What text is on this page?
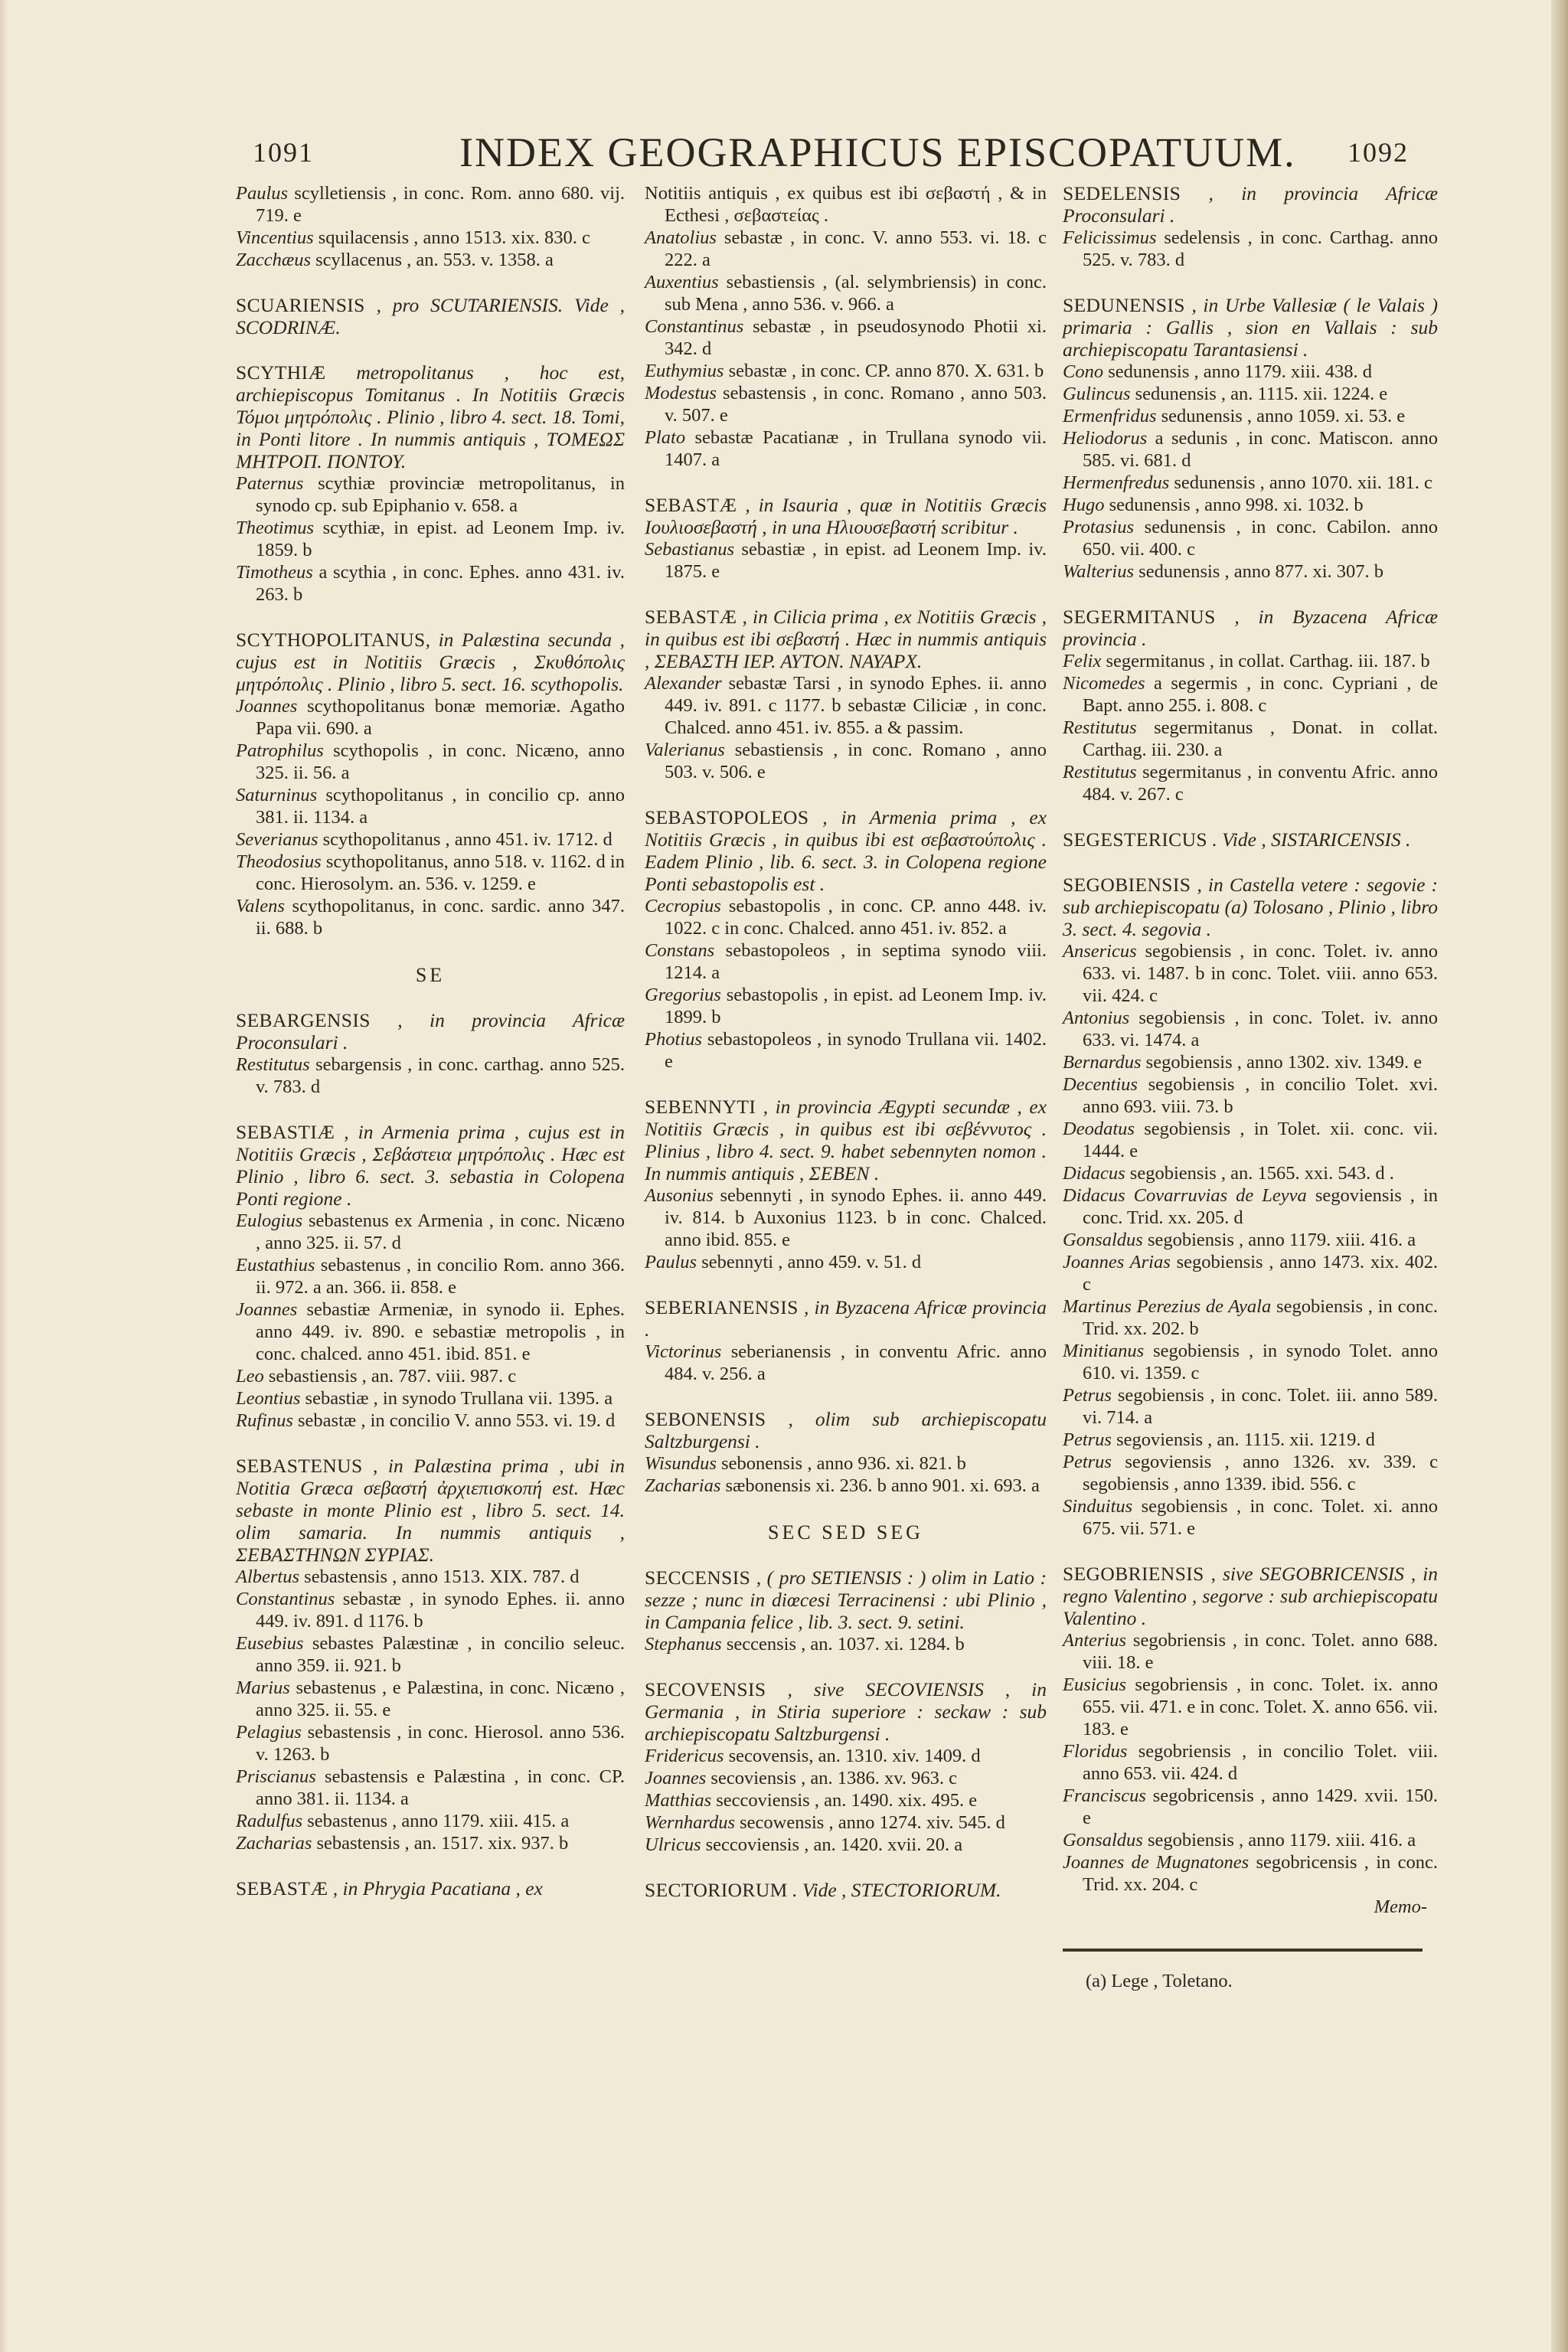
1091	INDEX GEOGRAPHICUS EPISCOPATUUM. 1092

Paulus scylletiensis , in conc. Rom. anno 680. vij. 719. e

Vincentius squilacensis , anno 1513. xix. 830. c

Zacchæus scyllacenus , an. 553. v. 1358. a

SCUARIENSIS , pro SCUTARIENSIS. Vide , SCODRINÆ.

SCYTHIÆ metropolitanus , hoc est, archiepiscopus Tomitanus . In Notitiis Græcis Τόμοι μητρόπολις . Plinio , libro 4. sect. 18. Tomi, in Ponti litore . In nummis antiquis , ΤΟΜΕΩΣ ΜΗΤΡΟΠ. ΠΟΝΤΟΥ.

Paternus scythiæ provinciæ metropolitanus, in synodo cp. sub Epiphanio v. 658. a

Theotimus scythiæ, in epist. ad Leonem Imp. iv. 1859. b

Timotheus a scythia , in conc. Ephes. anno 431. iv. 263. b

SCYTHOPOLITANUS, in Palæstina secunda , cujus est in Notitiis Græcis , Σκυθόπολις μητρόπολις . Plinio , libro 5. sect. 16. scythopolis.

Joannes scythopolitanus bonæ memoriæ. Agatho Papa vii. 690. a

Patrophilus scythopolis , in conc. Nicæno, anno 325. ii. 56. a

Saturninus scythopolitanus , in concilio cp. anno 381. ii. 1134. a

Severianus scythopolitanus , anno 451. iv. 1712. d

Theodosius scythopolitanus, anno 518. v. 1162. d in conc. Hierosolym. an. 536. v. 1259. e

Valens scythopolitanus, in conc. sardic. anno 347. ii. 688. b

SE

SEBARGENSIS , in provincia Africæ Proconsulari .

Restitutus sebargensis , in conc. carthag. anno 525. v. 783. d

SEBASTIÆ , in Armenia prima , cujus est in Notitiis Græcis , Σεβάστεια μητρόπολις . Hæc est Plinio , libro 6. sect. 3. sebastia in Colopena Ponti regione .

Eulogius sebastenus ex Armenia , in conc. Nicæno , anno 325. ii. 57. d

Eustathius sebastenus , in concilio Rom. anno 366. ii. 972. a an. 366. ii. 858. e

Joannes sebastiæ Armeniæ, in synodo ii. Ephes. anno 449. iv. 890. e sebastiæ metropolis , in conc. chalced. anno 451. ibid. 851. e

Leo sebastiensis , an. 787. viii. 987. c

Leontius sebastiæ , in synodo Trullana vii. 1395. a

Rufinus sebastæ , in concilio V. anno 553. vi. 19. d

SEBASTENUS , in Palæstina prima , ubi in Notitia Græca σεβαστή ἀρχιεπισκοπή est. Hæc sebaste in monte Plinio est , libro 5. sect. 14. olim samaria. In nummis antiquis , ΣΕΒΑΣΤΗΝΩΝ ΣΥΡΙΑΣ.

Albertus sebastensis , anno 1513. XIX. 787. d

Constantinus sebastæ , in synodo Ephes. ii. anno 449. iv. 891. d 1176. b

Eusebius sebastes Palæstinæ , in concilio seleuc. anno 359. ii. 921. b

Marius sebastenus , e Palæstina, in conc. Nicæno , anno 325. ii. 55. e

Pelagius sebastensis , in conc. Hierosol. anno 536. v. 1263. b

Priscianus sebastensis e Palæstina , in conc. CP. anno 381. ii. 1134. a

Radulfus sebastenus , anno 1179. xiii. 415. a

Zacharias sebastensis , an. 1517. xix. 937. b

SEBASTÆ , in Phrygia Pacatiana , ex

Notitiis antiquis , ex quibus est ibi σεβαστή , & in Ecthesi , σεβαστείας .

Anatolius sebastæ , in conc. V. anno 553. vi. 18. c 222. a

Auxentius sebastiensis , (al. selymbriensis) in conc. sub Mena , anno 536. v. 966. a

Constantinus sebastæ , in pseudosynodo Photii xi. 342. d

Euthymius sebastæ , in conc. CP. anno 870. X. 631. b

Modestus sebastensis , in conc. Romano , anno 503. v. 507. e

Plato sebastæ Pacatianæ , in Trullana synodo vii. 1407. a

SEBASTÆ , in Isauria , quæ in Notitiis Græcis Ιουλιοσεβαστή , in una Ηλιουσεβαστή scribitur .

Sebastianus sebastiæ , in epist. ad Leonem Imp. iv. 1875. e

SEBASTÆ , in Cilicia prima , ex Notitiis Græcis , in quibus est ibi σεβαστή . Hæc in nummis antiquis , ΣΕΒΑΣΤΗ ΙΕΡ. ΑΥΤΟΝ. ΝΑΥΑΡΧ.

Alexander sebastæ Tarsi , in synodo Ephes. ii. anno 449. iv. 891. c 1177. b sebastæ Ciliciæ , in conc. Chalced. anno 451. iv. 855. a & passim.

Valerianus sebastiensis , in conc. Romano , anno 503. v. 506. e

SEBASTOPOLEOS , in Armenia prima , ex Notitiis Græcis , in quibus ibi est σεβαστούπολις . Eadem Plinio , lib. 6. sect. 3. in Colopena regione Ponti sebastopolis est .

Cecropius sebastopolis , in conc. CP. anno 448. iv. 1022. c in conc. Chalced. anno 451. iv. 852. a

Constans sebastopoleos , in septima synodo viii. 1214. a

Gregorius sebastopolis , in epist. ad Leonem Imp. iv. 1899. b

Photius sebastopoleos , in synodo Trullana vii. 1402. e

SEBENNYTI , in provincia Ægypti secundæ , ex Notitiis Græcis , in quibus est ibi σεβέννυτος . Plinius , libro 4. sect. 9. habet sebennyten nomon . In nummis antiquis , ΣΕΒΕΝ .

Ausonius sebennyti , in synodo Ephes. ii. anno 449. iv. 814. b Auxonius 1123. b in conc. Chalced. anno ibid. 855. e

Paulus sebennyti , anno 459. v. 51. d

SEBERIANENSIS , in Byzacena Africæ provincia .

Victorinus seberianensis , in conventu Afric. anno 484. v. 256. a

SEBONENSIS , olim sub archiepiscopatu Saltzburgensi .

Wisundus sebonensis , anno 936. xi. 821. b

Zacharias sæbonensis xi. 236. b anno 901. xi. 693. a

SEC SED SEG

SECCENSIS , ( pro SETIENSIS : ) olim in Latio : sezze ; nunc in diœcesi Terracinensi : ubi Plinio , in Campania felice , lib. 3. sect. 9. setini.

Stephanus seccensis , an. 1037. xi. 1284. b

SECOVENSIS , sive SECOVIENSIS , in Germania , in Stiria superiore : seckaw : sub archiepiscopatu Saltzburgensi .

Fridericus secovensis, an. 1310. xiv. 1409. d

Joannes secoviensis , an. 1386. xv. 963. c

Matthias seccoviensis , an. 1490. xix. 495. e

Wernhardus secowensis , anno 1274. xiv. 545. d

Ulricus seccoviensis , an. 1420. xvii. 20. a

SECTORIORUM . Vide , STECTORIORUM.

SEDELENSIS , in provincia Africæ Proconsulari .

Felicissimus sedelensis , in conc. Carthag. anno 525. v. 783. d

SEDUNENSIS , in Urbe Vallesiæ ( le Valais ) primaria : Gallis , sion en Vallais : sub archiepiscopatu Tarantasiensi .

Cono sedunensis , anno 1179. xiii. 438. d

Gulincus sedunensis , an. 1115. xii. 1224. e

Ermenfridus sedunensis , anno 1059. xi. 53. e

Heliodorus a sedunis , in conc. Matiscon. anno 585. vi. 681. d

Hermenfredus sedunensis , anno 1070. xii. 181. c

Hugo sedunensis , anno 998. xi. 1032. b

Protasius sedunensis , in conc. Cabilon. anno 650. vii. 400. c

Walterius sedunensis , anno 877. xi. 307. b

SEGERMITANUS , in Byzacena Africæ provincia .

Felix segermitanus , in collat. Carthag. iii. 187. b

Nicomedes a segermis , in conc. Cypriani , de Bapt. anno 255. i. 808. c

Restitutus segermitanus , Donat. in collat. Carthag. iii. 230. a

Restitutus segermitanus , in conventu Afric. anno 484. v. 267. c

SEGESTERICUS . Vide , SISTARICENSIS .

SEGOBIENSIS , in Castella vetere : segovie : sub archiepiscopatu (a) Tolosano , Plinio , libro 3. sect. 4. segovia .

Ansericus segobiensis , in conc. Tolet. iv. anno 633. vi. 1487. b in conc. Tolet. viii. anno 653. vii. 424. c

Antonius segobiensis , in conc. Tolet. iv. anno 633. vi. 1474. a

Bernardus segobiensis , anno 1302. xiv. 1349. e

Decentius segobiensis , in concilio Tolet. xvi. anno 693. viii. 73. b

Deodatus segobiensis , in Tolet. xii. conc. vii. 1444. e

Didacus segobiensis , an. 1565. xxi. 543. d .

Didacus Covarruvias de Leyva segoviensis , in conc. Trid. xx. 205. d

Gonsaldus segobiensis , anno 1179. xiii. 416. a

Joannes Arias segobiensis , anno 1473. xix. 402. c

Martinus Perezius de Ayala segobiensis , in conc. Trid. xx. 202. b

Minitianus segobiensis , in synodo Tolet. anno 610. vi. 1359. c

Petrus segobiensis , in conc. Tolet. iii. anno 589. vi. 714. a

Petrus segoviensis , an. 1115. xii. 1219. d

Petrus segoviensis , anno 1326. xv. 339. c segobiensis , anno 1339. ibid. 556. c

Sinduitus segobiensis , in conc. Tolet. xi. anno 675. vii. 571. e

SEGOBRIENSIS , sive SEGOBRICENSIS , in regno Valentino , segorve : sub archiepiscopatu Valentino .

Anterius segobriensis , in conc. Tolet. anno 688. viii. 18. e

Eusicius segobriensis , in conc. Tolet. ix. anno 655. vii. 471. e in conc. Tolet. X. anno 656. vii. 183. e

Floridus segobriensis , in concilio Tolet. viii. anno 653. vii. 424. d

Franciscus segobricensis , anno 1429. xvii. 150. e

Gonsaldus segobiensis , anno 1179. xiii. 416. a

Joannes de Mugnatones segobricensis , in conc. Trid. xx. 204. c

Memo-
(a) Lege , Toletano.
